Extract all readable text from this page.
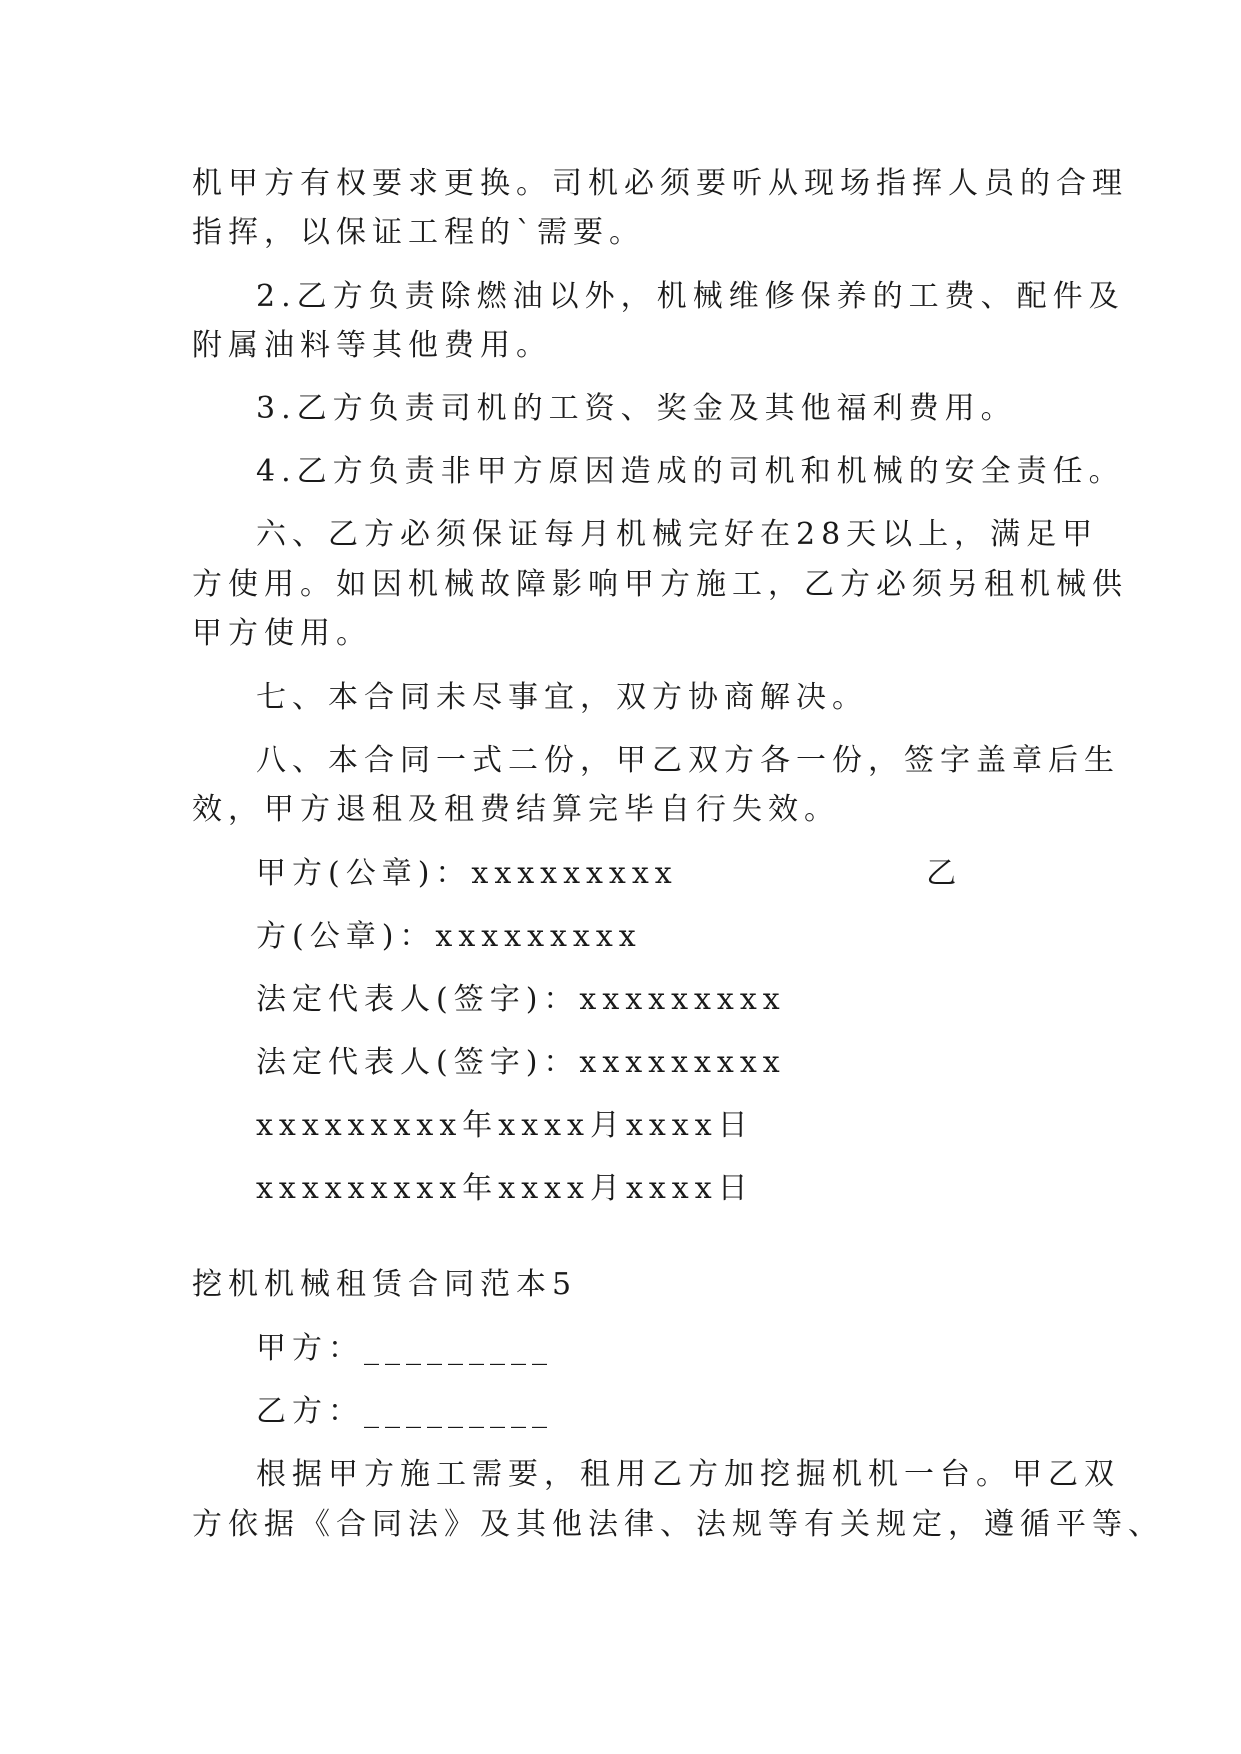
机甲方有权要求更换。司机必须要听从现场指挥人员的合理
指挥，以保证工程的`需要。
2.乙方负责除燃油以外，机械维修保养的工费、配件及
附属油料等其他费用。
3.乙方负责司机的工资、奖金及其他福利费用。
4.乙方负责非甲方原因造成的司机和机械的安全责任。
六、乙方必须保证每月机械完好在28天以上，满足甲
方使用。如因机械故障影响甲方施工，乙方必须另租机械供
甲方使用。
七、本合同未尽事宜，双方协商解决。
八、本合同一式二份，甲乙双方各一份，签字盖章后生
效，甲方退租及租费结算完毕自行失效。
甲方(公章)：xxxxxxxxx                乙
方(公章)：xxxxxxxxx
法定代表人(签字)：xxxxxxxxx
法定代表人(签字)：xxxxxxxxx
xxxxxxxxx年xxxx月xxxx日
xxxxxxxxx年xxxx月xxxx日
挖机机械租赁合同范本5
甲方：_________
乙方：_________
根据甲方施工需要，租用乙方加挖掘机机一台。甲乙双
方依据《合同法》及其他法律、法规等有关规定，遵循平等、
